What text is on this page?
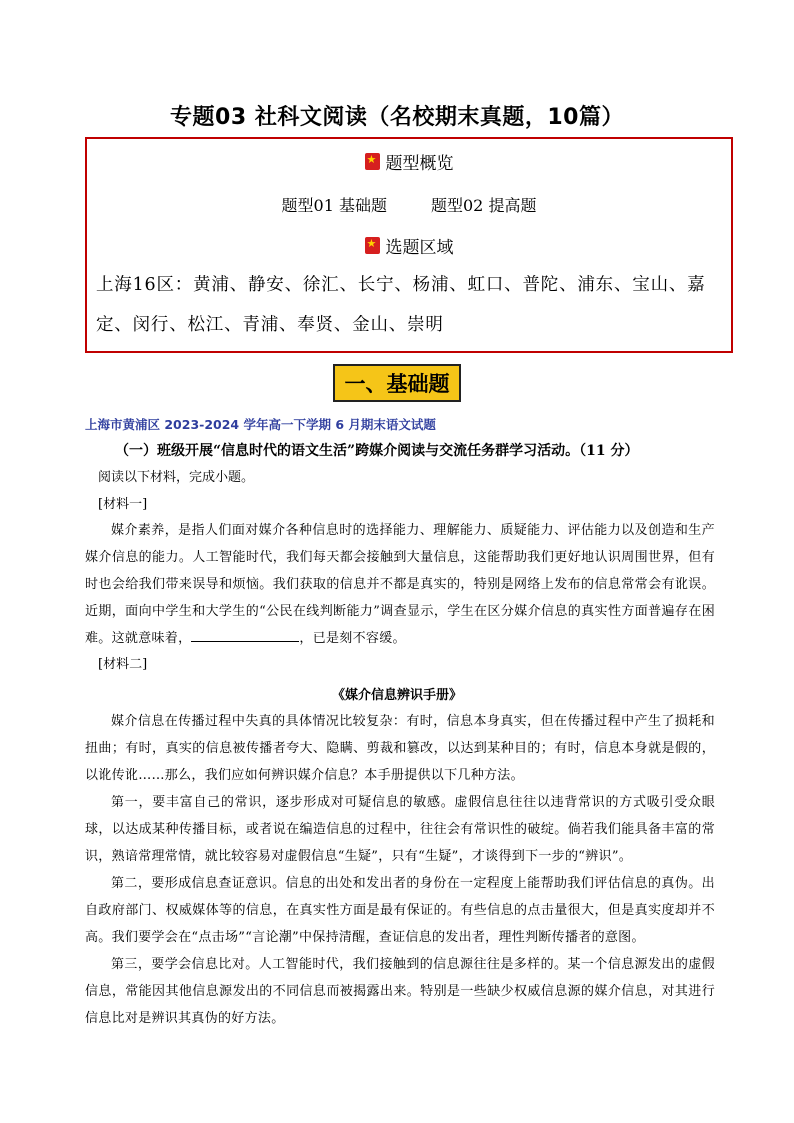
专题03 社科文阅读（名校期末真题，10篇）
★
题型概览
题型01 基础题	题型02 提高题
★
选题区域
上海16区：黄浦、静安、徐汇、长宁、杨浦、虹口、普陀、浦东、宝山、嘉定、闵行、松江、青浦、奉贤、金山、崇明
一、基础题
上海市黄浦区 2023-2024 学年高一下学期 6 月期末语文试题
（一）班级开展“信息时代的语文生活”跨媒介阅读与交流任务群学习活动。（11 分）
阅读以下材料，完成小题。
[材料一]
媒介素养，是指人们面对媒介各种信息时的选择能力、理解能力、质疑能力、评估能力以及创造和生产媒介信息的能力。人工智能时代，我们每天都会接触到大量信息，这能帮助我们更好地认识周围世界，但有时也会给我们带来误导和烦恼。我们获取的信息并不都是真实的，特别是网络上发布的信息常常会有讹误。近期，面向中学生和大学生的“公民在线判断能力”调查显示，学生在区分媒介信息的真实性方面普遍存在困难。这就意味着，	，已是刻不容缓。
[材料二]
《媒介信息辨识手册》
媒介信息在传播过程中失真的具体情况比较复杂：有时，信息本身真实，但在传播过程中产生了损耗和扭曲；有时，真实的信息被传播者夸大、隐瞒、剪裁和篡改，以达到某种目的；有时，信息本身就是假的，以讹传讹……那么，我们应如何辨识媒介信息？本手册提供以下几种方法。
第一，要丰富自己的常识，逐步形成对可疑信息的敏感。虚假信息往往以违背常识的方式吸引受众眼球，以达成某种传播目标，或者说在编造信息的过程中，往往会有常识性的破绽。倘若我们能具备丰富的常识，熟谙常理常情，就比较容易对虚假信息“生疑”，只有“生疑”，才谈得到下一步的“辨识”。
第二，要形成信息查证意识。信息的出处和发出者的身份在一定程度上能帮助我们评估信息的真伪。出自政府部门、权威媒体等的信息，在真实性方面是最有保证的。有些信息的点击量很大，但是真实度却并不高。我们要学会在“点击场”“言论潮”中保持清醒，查证信息的发出者，理性判断传播者的意图。
第三，要学会信息比对。人工智能时代，我们接触到的信息源往往是多样的。某一个信息源发出的虚假信息，常能因其他信息源发出的不同信息而被揭露出来。特别是一些缺少权威信息源的媒介信息，对其进行信息比对是辨识其真伪的好方法。
